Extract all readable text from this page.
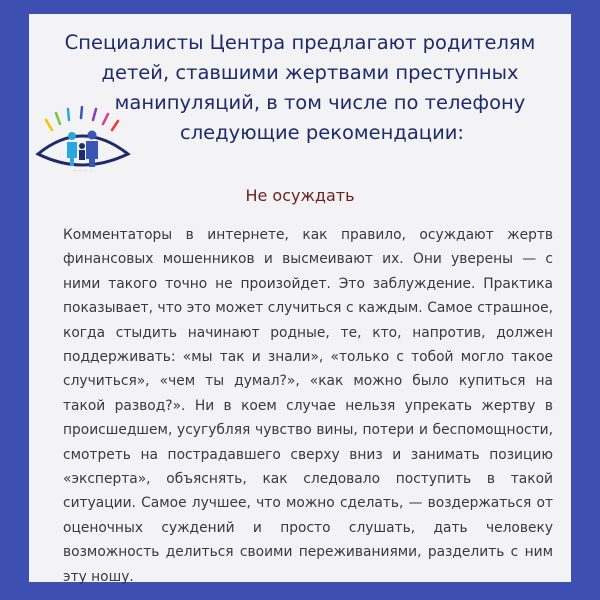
Специалисты Центра предлагают родителям
детей, ставшими жертвами преступных
манипуляций, в том числе по телефону
следующие рекомендации:
· · · · · · · ·
Не осуждать
Комментаторы в интернете, как правило, осуждают жертв финансовых мошенников и высмеивают их. Они уверены — с ними такого точно не произойдет. Это заблуждение. Практика показывает, что это может случиться с каждым. Самое страшное, когда стыдить начинают родные, те, кто, напротив, должен поддерживать: «мы так и знали», «только с тобой могло такое случиться», «чем ты думал?», «как можно было купиться на такой развод?». Ни в коем случае нельзя упрекать жертву в происшедшем, усугубляя чувство вины, потери и беспомощности, смотреть на пострадавшего сверху вниз и занимать позицию «эксперта», объяснять, как следовало поступить в такой ситуации. Самое лучшее, что можно сделать, — воздержаться от оценочных суждений и просто слушать, дать человеку возможность делиться своими переживаниями, разделить с ним эту ношу.
